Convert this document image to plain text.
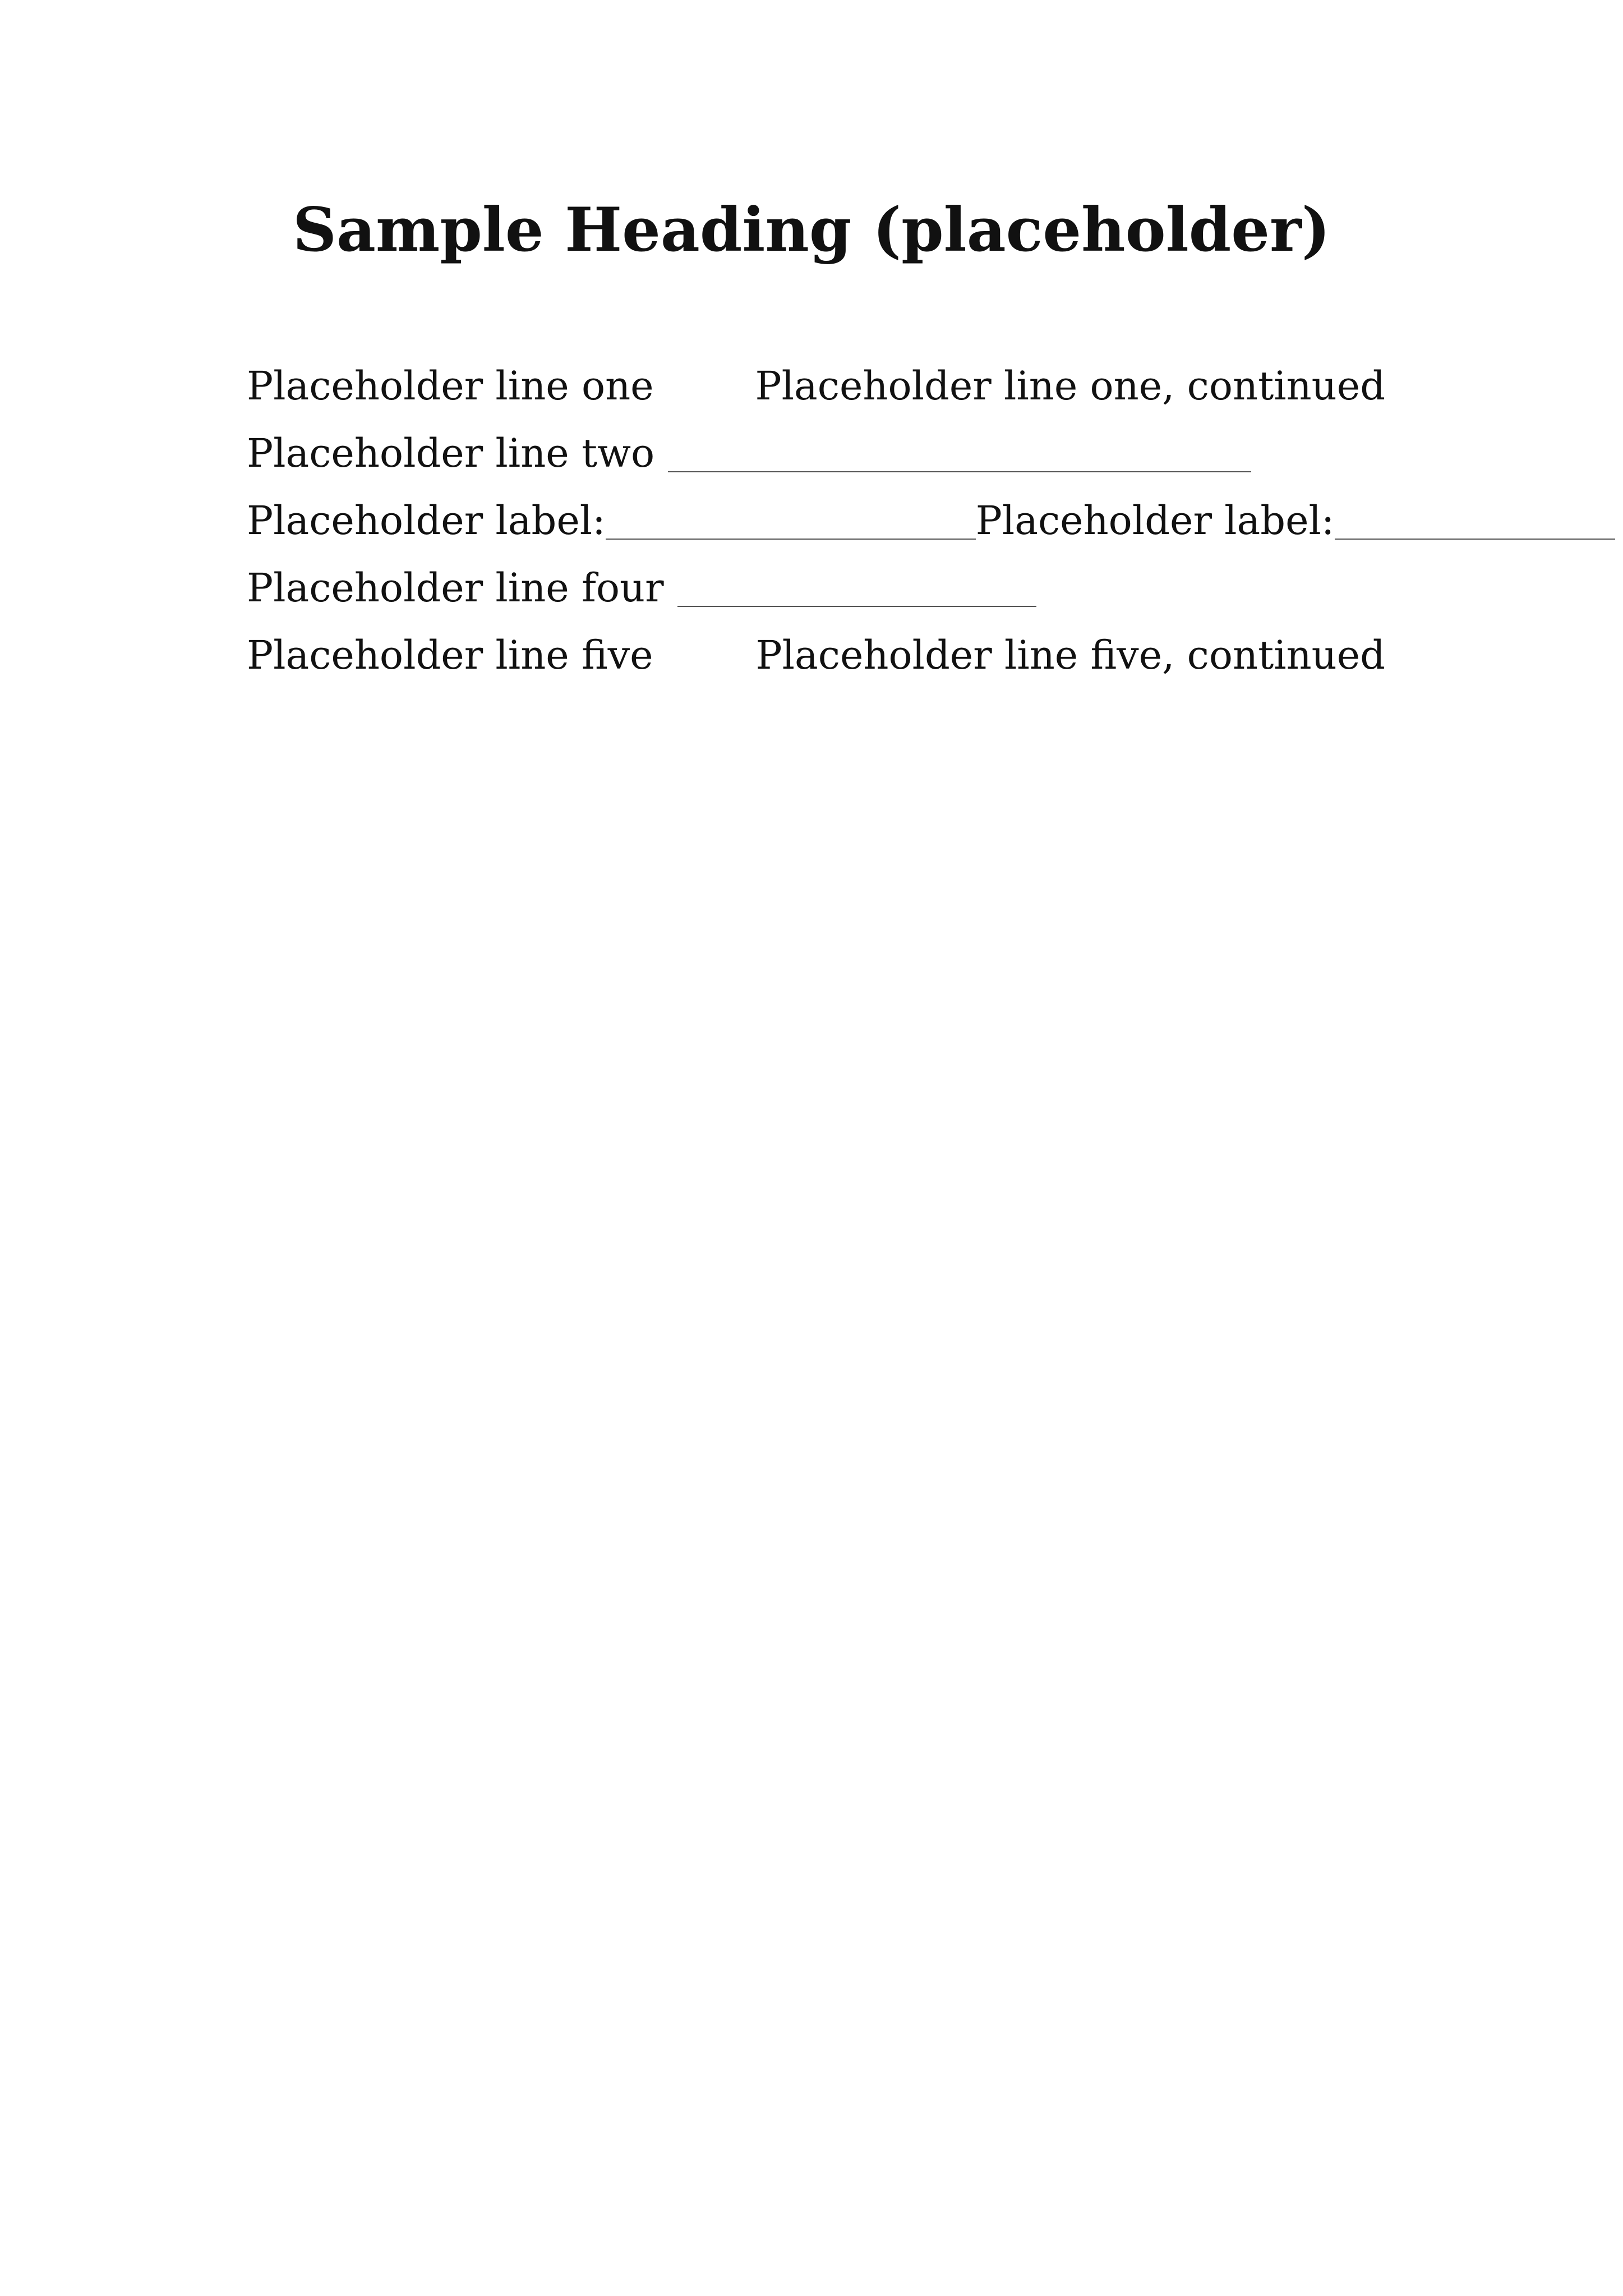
Sample Heading (placeholder)
Placeholder line one	Placeholder line one, continued
Placeholder line two
Placeholder label:	Placeholder label:
Placeholder line four
Placeholder line five	Placeholder line five, continued
